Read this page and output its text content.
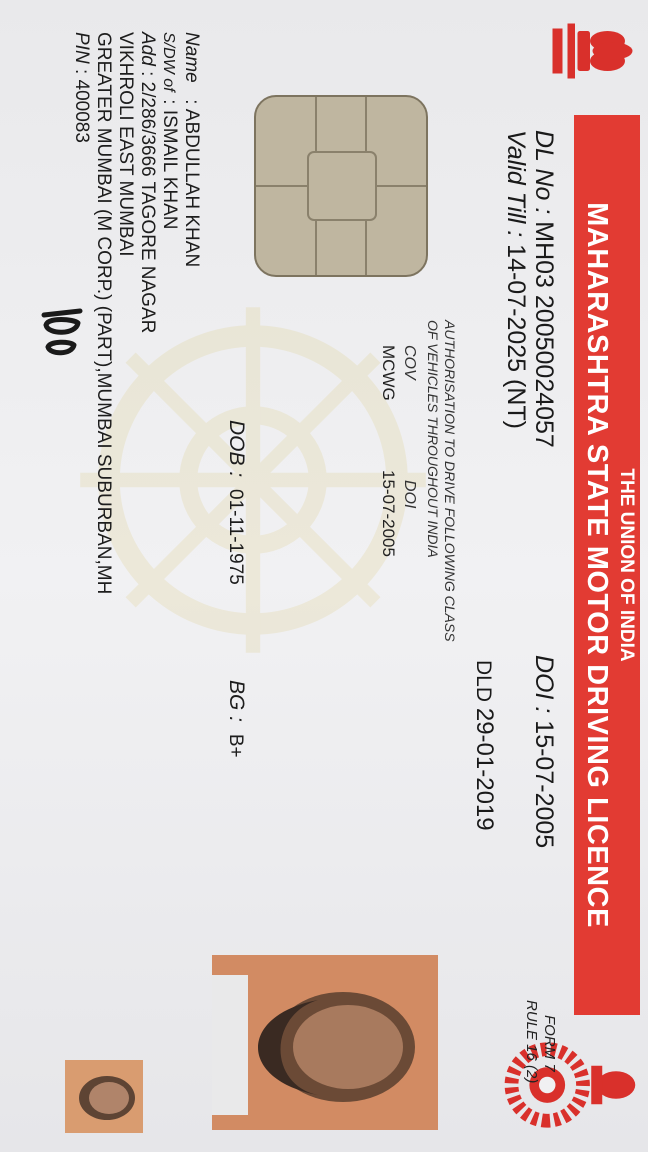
THE UNION OF INDIA
MAHARASHTRA STATE MOTOR DRIVING LICENCE
FORM 7
RULE 16 (2)
DL No : MH03 20050024057
DOI : 15-07-2005
Valid Till : 14-07-2025 (NT)
DLD 29-01-2019
AUTHORISATION TO DRIVE FOLLOWING CLASS
OF VEHICLES THROUGHOUT INDIA
COV
DOI
MCWG
15-07-2005
DOB : 01-11-1975
BG : B+
Name : ABDULLAH KHAN
S/DW of : ISMAIL KHAN
Add : 2/286/3666 TAGORE NAGAR
VIKHROLI EAST MUMBAI
GREATER MUMBAI (M CORP.) (PART),MUMBAI SUBURBAN,MH
PIN : 400083
